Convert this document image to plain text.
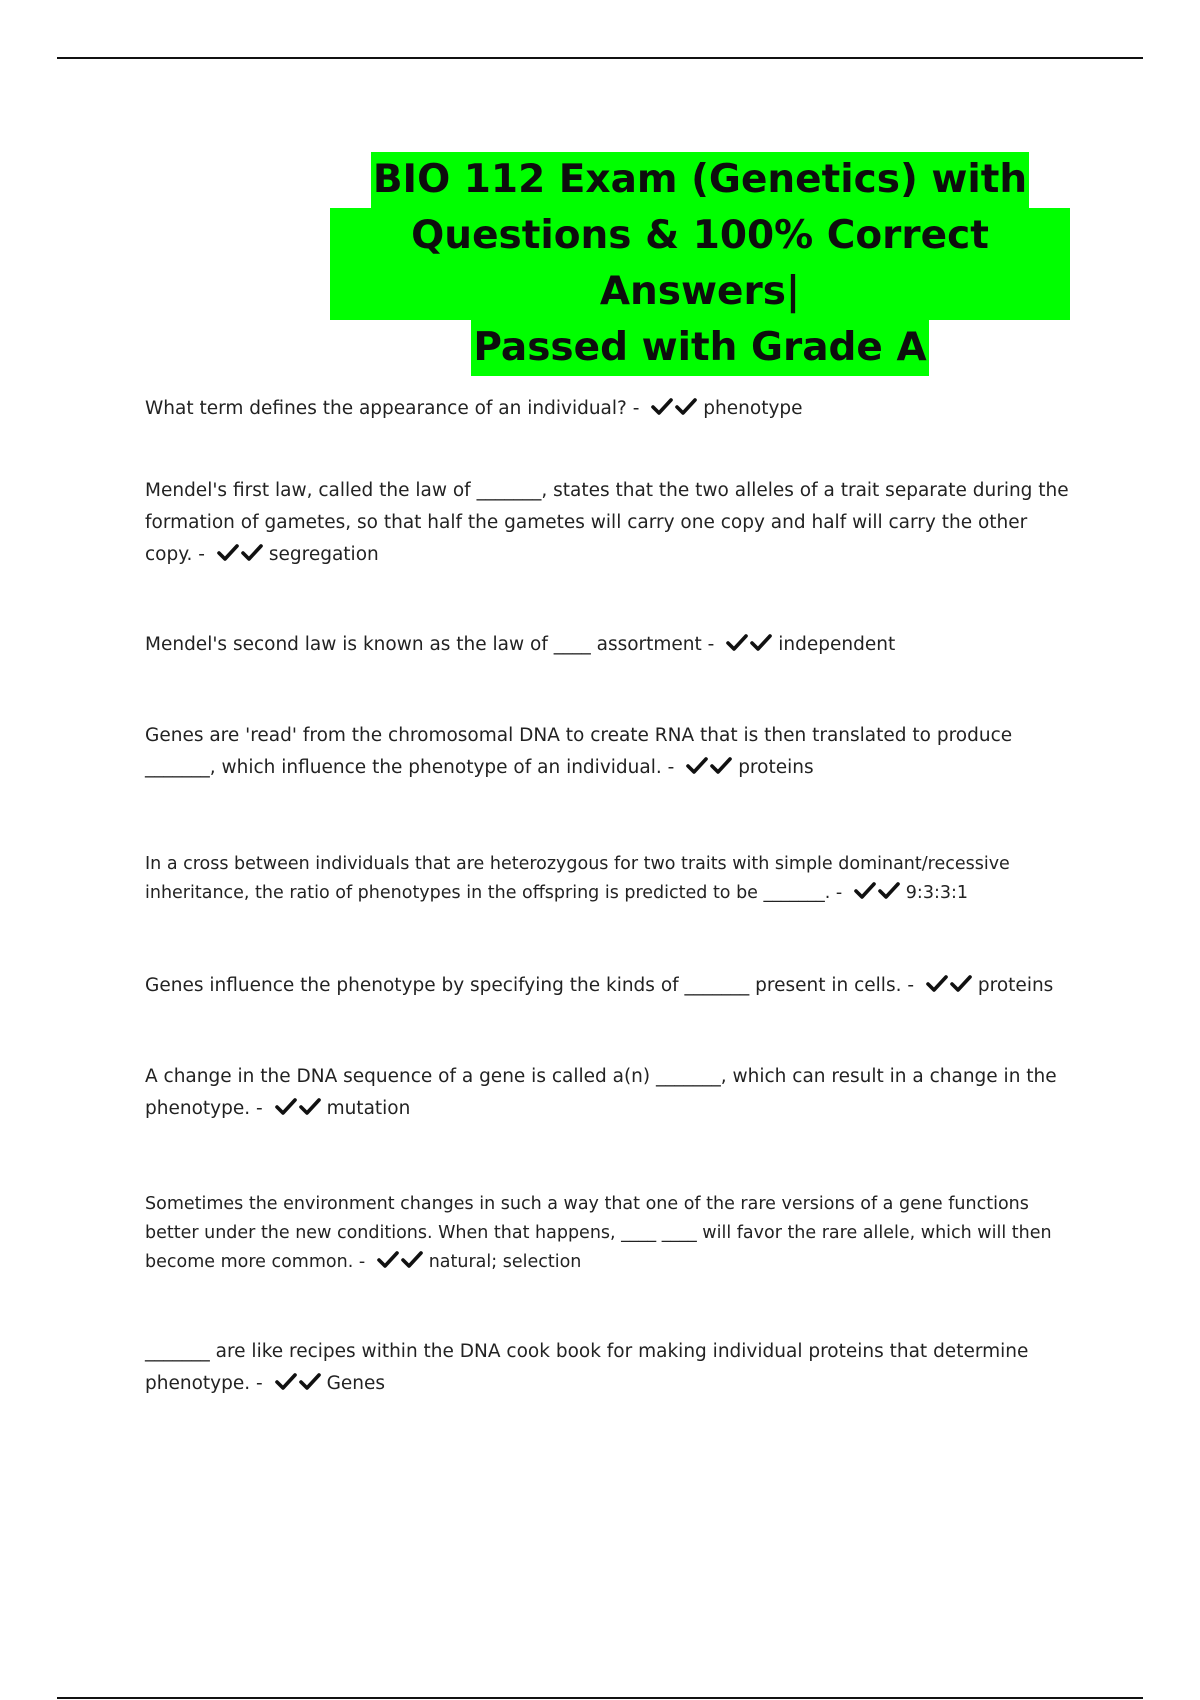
BIO 112 Exam (Genetics) with
Questions & 100% Correct Answers|
Passed with Grade A
What term defines the appearance of an individual? -	phenotype
Mendel's first law, called the law of _______, states that the two alleles of a trait separate during the formation of gametes, so that half the gametes will carry one copy and half will carry the other copy. -	segregation
Mendel's second law is known as the law of ____ assortment -	independent
Genes are 'read' from the chromosomal DNA to create RNA that is then translated to produce _______, which influence the phenotype of an individual. -	proteins
In a cross between individuals that are heterozygous for two traits with simple dominant/recessive inheritance, the ratio of phenotypes in the offspring is predicted to be _______. -	9:3:3:1
Genes influence the phenotype by specifying the kinds of _______ present in cells. -	proteins
A change in the DNA sequence of a gene is called a(n) _______, which can result in a change in the phenotype. -	mutation
Sometimes the environment changes in such a way that one of the rare versions of a gene functions better under the new conditions. When that happens, ____ ____ will favor the rare allele, which will then become more common. -	natural; selection
_______ are like recipes within the DNA cook book for making individual proteins that determine phenotype. -	Genes
